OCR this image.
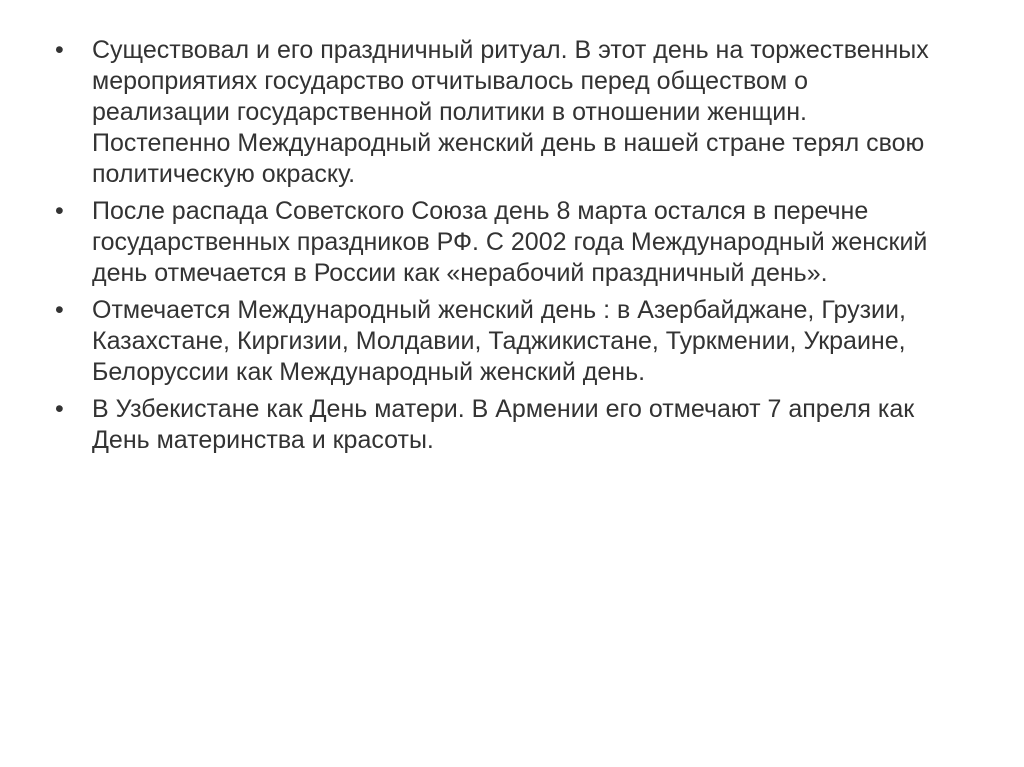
• Существовал и его праздничный ритуал. В этот день на торжественных мероприятиях государство отчитывалось перед обществом о реализации государственной политики в отношении женщин. Постепенно Международный женский день в нашей стране терял свою политическую окраску.
• После распада Советского Союза день 8 марта остался в перечне государственных праздников РФ. С 2002 года Международный женский день отмечается в России как «нерабочий праздничный день».
• Отмечается Международный женский день : в Азербайджане, Грузии, Казахстане, Киргизии, Молдавии, Таджикистане, Туркмении, Украине, Белоруссии как Международный женский день.
• В Узбекистане как День матери. В Армении его отмечают 7 апреля как День материнства и красоты.
